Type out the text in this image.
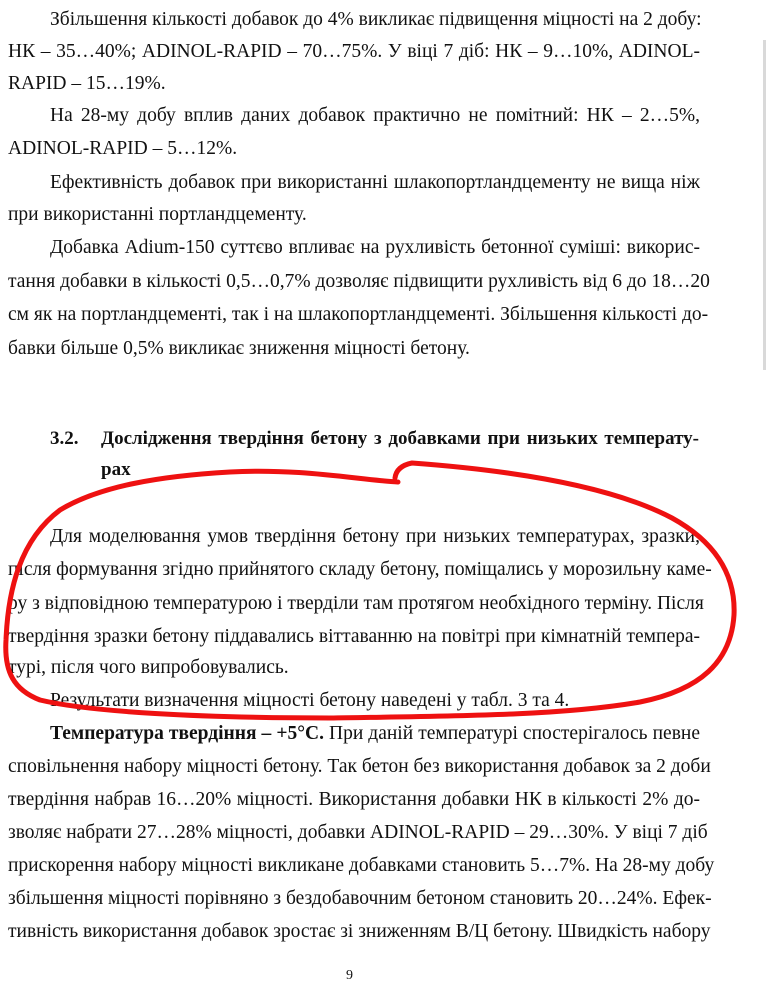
Збільшення кількості добавок до 4% викликає підвищення міцності на 2 добу:
НК – 35…40%; ADINOL-RAPID – 70…75%. У віці 7 діб: НК – 9…10%, ADINOL-
RAPID – 15…19%.
На 28-му добу вплив даних добавок практично не помітний: НК – 2…5%,
ADINOL-RAPID – 5…12%.
Ефективність добавок при використанні шлакопортландцементу не вища ніж
при використанні портландцементу.
Добавка Adium-150 суттєво впливає на рухливість бетонної суміші: викорис-
тання добавки в кількості 0,5…0,7% дозволяє підвищити рухливість від 6 до 18…20
см як на портландцементі, так і на шлакопортландцементі. Збільшення кількості до-
бавки більше 0,5% викликає зниження міцності бетону.
3.2. Дослідження твердіння бетону з добавками при низьких температу-
рах
Для моделювання умов твердіння бетону при низьких температурах, зразки,
після формування згідно прийнятого складу бетону, поміщались у морозильну каме-
ру з відповідною температурою і тверділи там протягом необхідного терміну. Після
твердіння зразки бетону піддавались віттаванню на повітрі при кімнатній темпера-
турі, після чого випробовувались.
Результати визначення міцності бетону наведені у табл. 3 та 4.
Температура твердіння – +5°С. При даній температурі спостерігалось певне
сповільнення набору міцності бетону. Так бетон без використання добавок за 2 доби
твердіння набрав 16…20% міцності. Використання добавки НК в кількості 2% до-
зволяє набрати 27…28% міцності, добавки ADINOL-RAPID – 29…30%. У віці 7 діб
прискорення набору міцності викликане добавками становить 5…7%. На 28-му добу
збільшення міцності порівняно з бездобавочним бетоном становить 20…24%. Ефек-
тивність використання добавок зростає зі зниженням В/Ц бетону. Швидкість набору
9
